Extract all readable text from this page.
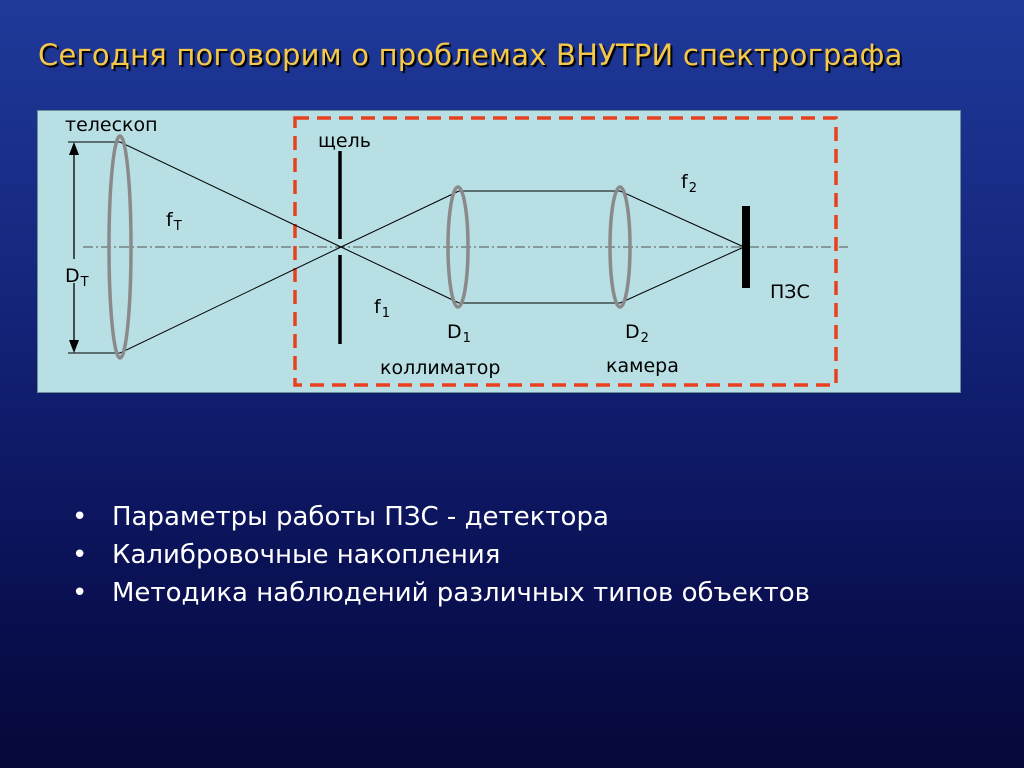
Сегодня поговорим о проблемах ВНУТРИ спектрографа
телескоп
щель
$f_T$
$D_T$
$f_1$
$f_2$
$D_1$	$D_2$
коллиматор	камера
ПЗС
• Параметры работы ПЗС - детектора
• Калибровочные накопления
• Методика наблюдений различных типов объектов
